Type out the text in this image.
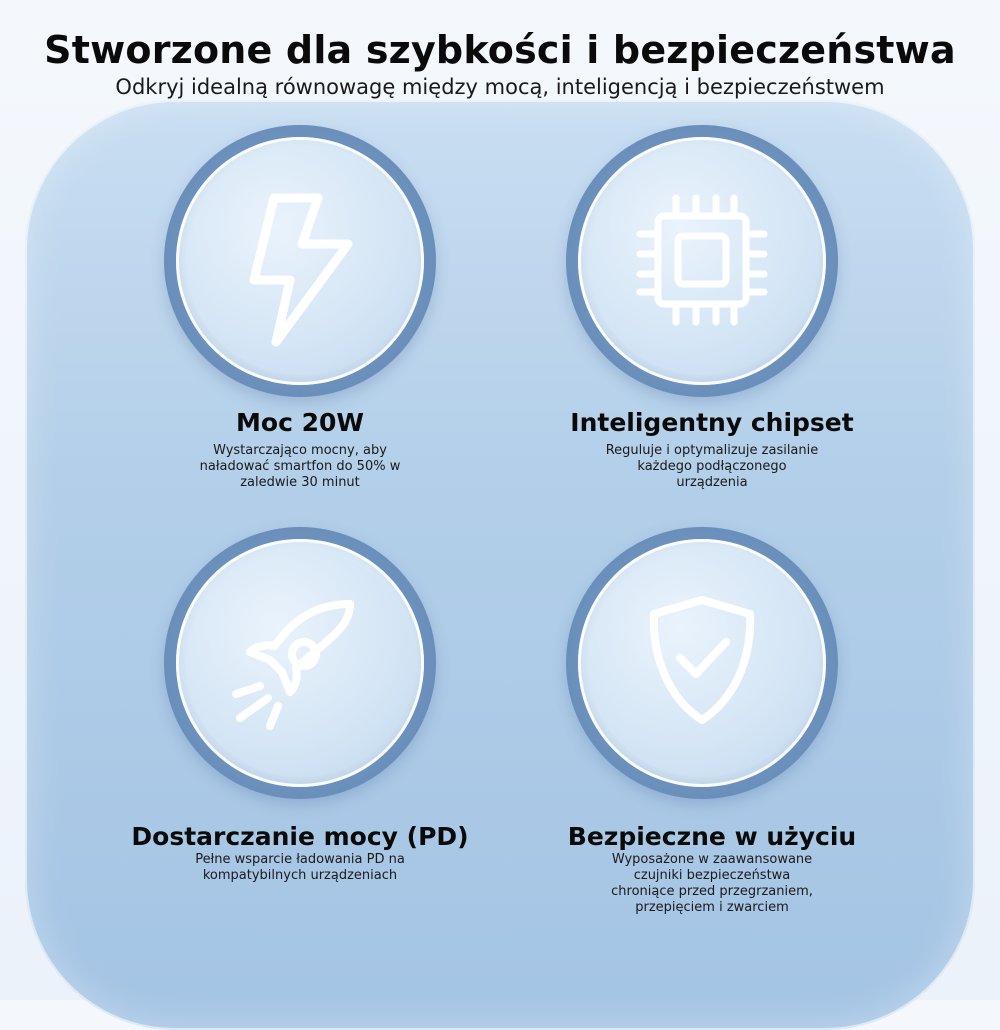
Stworzone dla szybkości i bezpieczeństwa
Odkryj idealną równowagę między mocą, inteligencją i bezpieczeństwem
Moc 20W
Wystarczająco mocny, aby
naładować smartfon do 50% w
zaledwie 30 minut
Inteligentny chipset
Reguluje i optymalizuje zasilanie
każdego podłączonego
urządzenia
Dostarczanie mocy (PD)
Pełne wsparcie ładowania PD na
kompatybilnych urządzeniach
Bezpieczne w użyciu
Wyposażone w zaawansowane
czujniki bezpieczeństwa
chroniące przed przegrzaniem,
przepięciem i zwarciem
